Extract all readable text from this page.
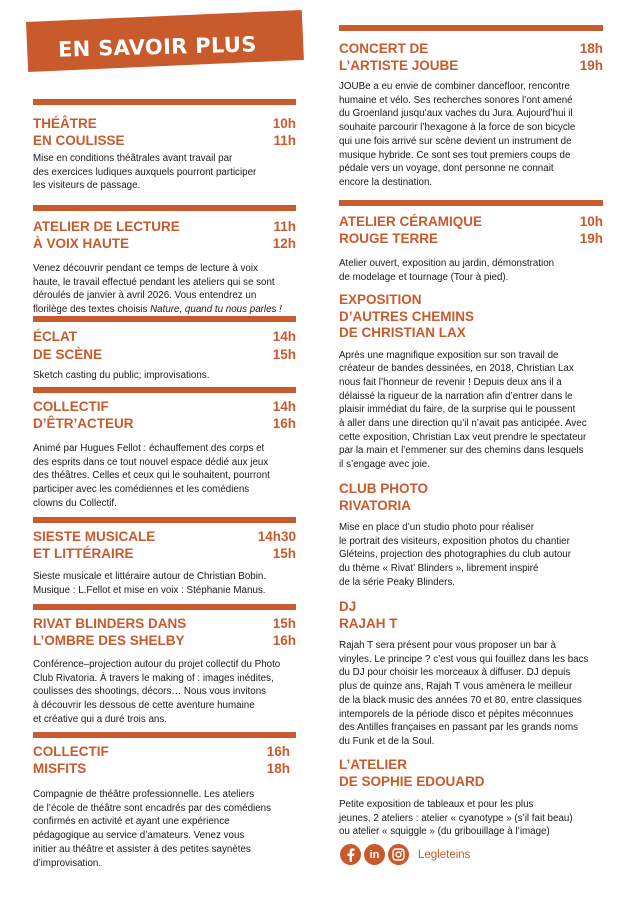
EN SAVOIR PLUS
THÉÂTRE
EN COULISSE
10h
11h
Mise en conditions théâtrales avant travail par
des exercices ludiques auxquels pourront participer
les visiteurs de passage.
ATELIER DE LECTURE
À VOIX HAUTE
11h
12h
Venez découvrir pendant ce temps de lecture à voix
haute, le travail effectué pendant les ateliers qui se sont
déroulés de janvier à avril 2026. Vous entendrez un
florilège des textes choisis Nature, quand tu nous parles !
ÉCLAT
DE SCÈNE
14h
15h
Sketch casting du public; improvisations.
COLLECTIF
D’ÊTR’ACTEUR
14h
16h
Animé par Hugues Fellot : échauffement des corps et
des esprits dans ce tout nouvel espace dédié aux jeux
des théâtres. Celles et ceux qui le souhaitent, pourront
participer avec les comédiennes et les comédiens
clowns du Collectif.
SIESTE MUSICALE
ET LITTÉRAIRE
14h30
15h
Sieste musicale et littéraire autour de Christian Bobin.
Musique : L.Fellot et mise en voix : Stéphanie Manus.
RIVAT BLINDERS DANS
L’OMBRE DES SHELBY
15h
16h
Conférence–projection autour du projet collectif du Photo
Club Rivatoria. À travers le making of : images inédites,
coulisses des shootings, décors… Nous vous invitons
à découvrir les dessous de cette aventure humaine
et créative qui a duré trois ans.
COLLECTIF
MISFITS
16h
18h
Compagnie de théâtre professionnelle. Les ateliers
de l’école de théâtre sont encadrés par des comédiens
confirmés en activité et ayant une expérience
pédagogique au service d’amateurs. Venez vous
initier au théâtre et assister à des petites saynètes
d’improvisation.
CONCERT DE
L’ARTISTE JOUBE
18h
19h
JOUBe a eu envie de combiner dancefloor, rencontre
humaine et vélo. Ses recherches sonores l’ont amené
du Groenland jusqu’aux vaches du Jura. Aujourd’hui il
souhaite parcourir l’hexagone à la force de son bicycle
qui une fois arrivé sur scène devient un instrument de
musique hybride. Ce sont ses tout premiers coups de
pédale vers un voyage, dont personne ne connait
encore la destination.
ATELIER CÉRAMIQUE
ROUGE TERRE
10h
19h
Atelier ouvert, exposition au jardin, démonstration
de modelage et tournage (Tour à pied).
EXPOSITION
D’AUTRES CHEMINS
DE CHRISTIAN LAX
Après une magnifique exposition sur son travail de
créateur de bandes dessinées, en 2018, Christian Lax
nous fait l’honneur de revenir ! Depuis deux ans il a
délaissé la rigueur de la narration afin d’entrer dans le
plaisir immédiat du faire, de la surprise qui le poussent
à aller dans une direction qu’il n’avait pas anticipée. Avec
cette exposition, Christian Lax veut prendre le spectateur
par la main et l’emmener sur des chemins dans lesquels
il s’engage avec joie.
CLUB PHOTO
RIVATORIA
Mise en place d’un studio photo pour réaliser
le portrait des visiteurs, exposition photos du chantier
Gléteins, projection des photographies du club autour
du thème « Rivat’ Blinders », librement inspiré
de la série Peaky Blinders.
DJ
RAJAH T
Rajah T sera présent pour vous proposer un bar à
vinyles. Le principe ? c’est vous qui fouillez dans les bacs
du DJ pour choisir les morceaux à diffuser. DJ depuis
plus de quinze ans, Rajah T vous amènera le meilleur
de la black music des années 70 et 80, entre classiques
intemporels de la période disco et pépites méconnues
des Antilles françaises en passant par les grands noms
du Funk et de la Soul.
L’ATELIER
DE SOPHIE EDOUARD
Petite exposition de tableaux et pour les plus
jeunes, 2 ateliers : atelier « cyanotype » (s’il fait beau)
ou atelier « squiggle » (du gribouillage à l’image)
in	Legleteins
